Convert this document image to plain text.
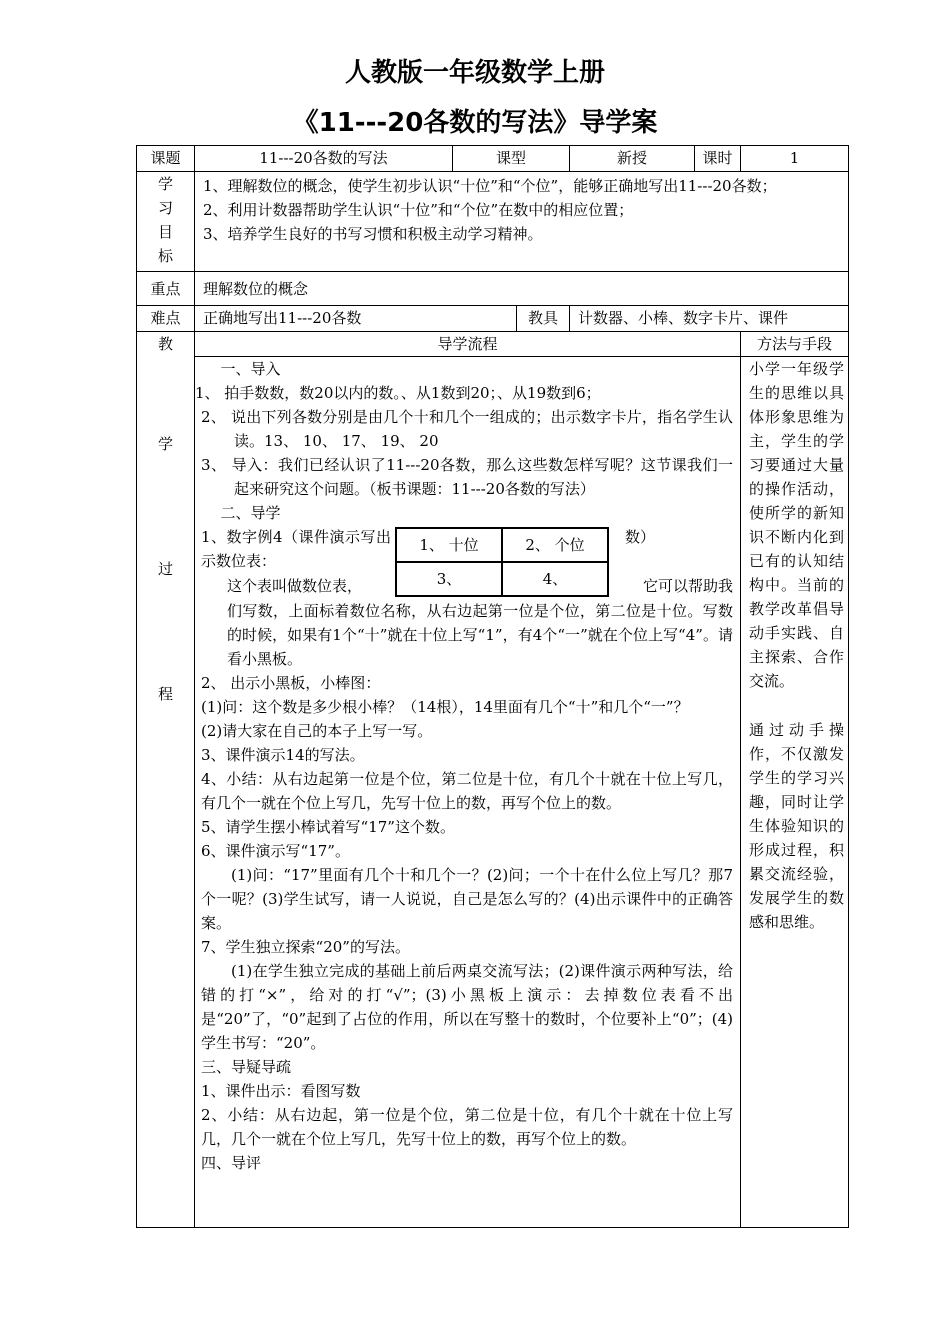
人教版一年级数学上册
《11---20各数的写法》导学案
课题	11---20各数的写法	课型	新授	课时	1

学
习
目
标

1、理解数位的概念，使学生初步认识“十位”和“个位”，能够正确地写出11---20各数；
2、利用计数器帮助学生认识“十位”和“个位”在数中的相应位置；
3、培养学生良好的书写习惯和积极主动学习精神。

重点	理解数位的概念
难点	正确地写出11---20各数	教具	计数器、小棒、数字卡片、课件

教
学
过
程
	导学流程	方法与手段

一、导入

1、 拍手数数，数20以内的数。、从1数到20；、从19数到6；

2、 说出下列各数分别是由几个十和几个一组成的；出示数字卡片，指名学生认读。13、 10、 17、 19、 20

3、 导入：我们已经认识了11---20各数，那么这些数怎样写呢？这节课我们一起来研究这个问题。（板书课题：11---20各数的写法）

二、导学

1、数字例4（课件演示写出示数位表：
1、 十位	2、 个位
3、	4、
数）
这个表叫做数位表，	它可以帮助我

们写数，上面标着数位名称，从右边起第一位是个位，第二位是十位。写数的时候，如果有1个“十”就在十位上写“1”，有4个“一”就在个位上写“4”。请看小黑板。

2、 出示小黑板，小棒图：

(1)问：这个数是多少根小棒？（14根），14里面有几个“十”和几个“一”？

(2)请大家在自己的本子上写一写。

3、课件演示14的写法。

4、小结：从右边起第一位是个位，第二位是十位，有几个十就在十位上写几，有几个一就在个位上写几，先写十位上的数，再写个位上的数。

5、请学生摆小棒试着写“17”这个数。

6、课件演示写“17”。

(1)问：“17”里面有几个十和几个一？(2)问；一个十在什么位上写几？那7个一呢？(3)学生试写，请一人说说，自己是怎么写的？(4)出示课件中的正确答案。

7、学生独立探索“20”的写法。

(1)在学生独立完成的基础上前后两桌交流写法；(2)课件演示两种写法，给错的打“×”，给对的打“√”；(3)小黑板上演示：去掉数位表看不出是“20”了，“0”起到了占位的作用，所以在写整十的数时，个位要补上“0”；(4)学生书写：“20”。

三、导疑导疏

1、课件出示：看图写数

2、小结：从右边起，第一位是个位，第二位是十位，有几个十就在十位上写几，几个一就在个位上写几，先写十位上的数，再写个位上的数。

四、导评

小学一年级学生的思维以具体形象思维为主，学生的学习要通过大量的操作活动，使所学的新知识不断内化到已有的认知结构中。当前的教学改革倡导动手实践、自主探索、合作交流。

通过动手操作，不仅激发学生的学习兴趣，同时让学生体验知识的形成过程，积累交流经验，发展学生的数感和思维。
